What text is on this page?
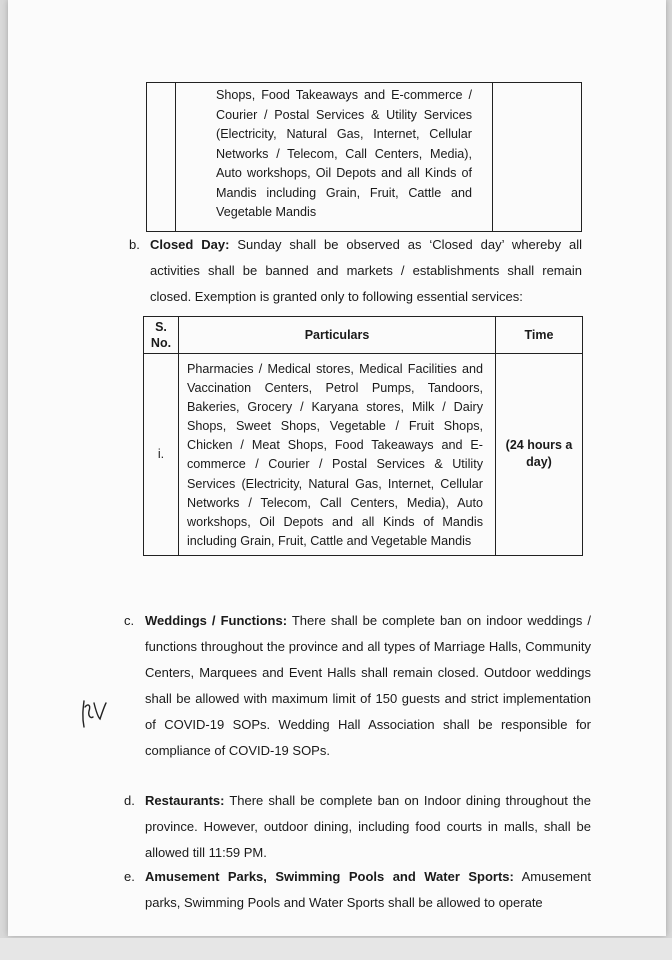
	Shops, Food Takeaways and E-commerce / Courier / Postal Services & Utility Services (Electricity, Natural Gas, Internet, Cellular Networks / Telecom, Call Centers, Media), Auto workshops, Oil Depots and all Kinds of Mandis including Grain, Fruit, Cattle and Vegetable Mandis	
b. Closed Day: Sunday shall be observed as ‘Closed day’ whereby all activities shall be banned and markets / establishments shall remain closed. Exemption is granted only to following essential services:
S. No.	Particulars	Time
i.	Pharmacies / Medical stores, Medical Facilities and Vaccination Centers, Petrol Pumps, Tandoors, Bakeries, Grocery / Karyana stores, Milk / Dairy Shops, Sweet Shops, Vegetable / Fruit Shops, Chicken / Meat Shops, Food Takeaways and E-commerce / Courier / Postal Services & Utility Services (Electricity, Natural Gas, Internet, Cellular Networks / Telecom, Call Centers, Media), Auto workshops, Oil Depots and all Kinds of Mandis including Grain, Fruit, Cattle and Vegetable Mandis	(24 hours a day)
c. Weddings / Functions: There shall be complete ban on indoor weddings / functions throughout the province and all types of Marriage Halls, Community Centers, Marquees and Event Halls shall remain closed. Outdoor weddings shall be allowed with maximum limit of 150 guests and strict implementation of COVID-19 SOPs. Wedding Hall Association shall be responsible for compliance of COVID-19 SOPs.
d. Restaurants: There shall be complete ban on Indoor dining throughout the province. However, outdoor dining, including food courts in malls, shall be allowed till 11:59 PM.
e. Amusement Parks, Swimming Pools and Water Sports: Amusement parks, Swimming Pools and Water Sports shall be allowed to operate
